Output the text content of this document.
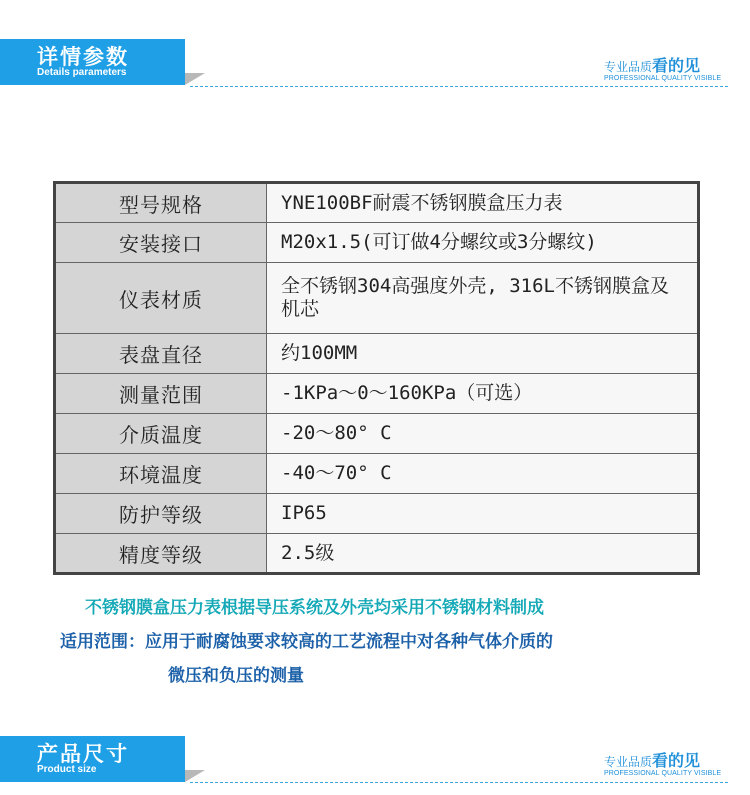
详情参数
Details parameters	专业品质看的见
PROFESSIONAL QUALITY VISIBLE
型号规格	YNE100BF耐震不锈钢膜盒压力表
安装接口	M20x1.5(可订做4分螺纹或3分螺纹)
仪表材质	全不锈钢304高强度外壳, 316L不锈钢膜盒及机芯
表盘直径	约100MM
测量范围	-1KPa～0～160KPa（可选）
介质温度	-20～80° C
环境温度	-40～70° C
防护等级	IP65
精度等级	2.5级
不锈钢膜盒压力表根据导压系统及外壳均采用不锈钢材料制成
适用范围：应用于耐腐蚀要求较高的工艺流程中对各种气体介质的
微压和负压的测量
产品尺寸
Product size
专业品质看的见
PROFESSIONAL QUALITY VISIBLE
